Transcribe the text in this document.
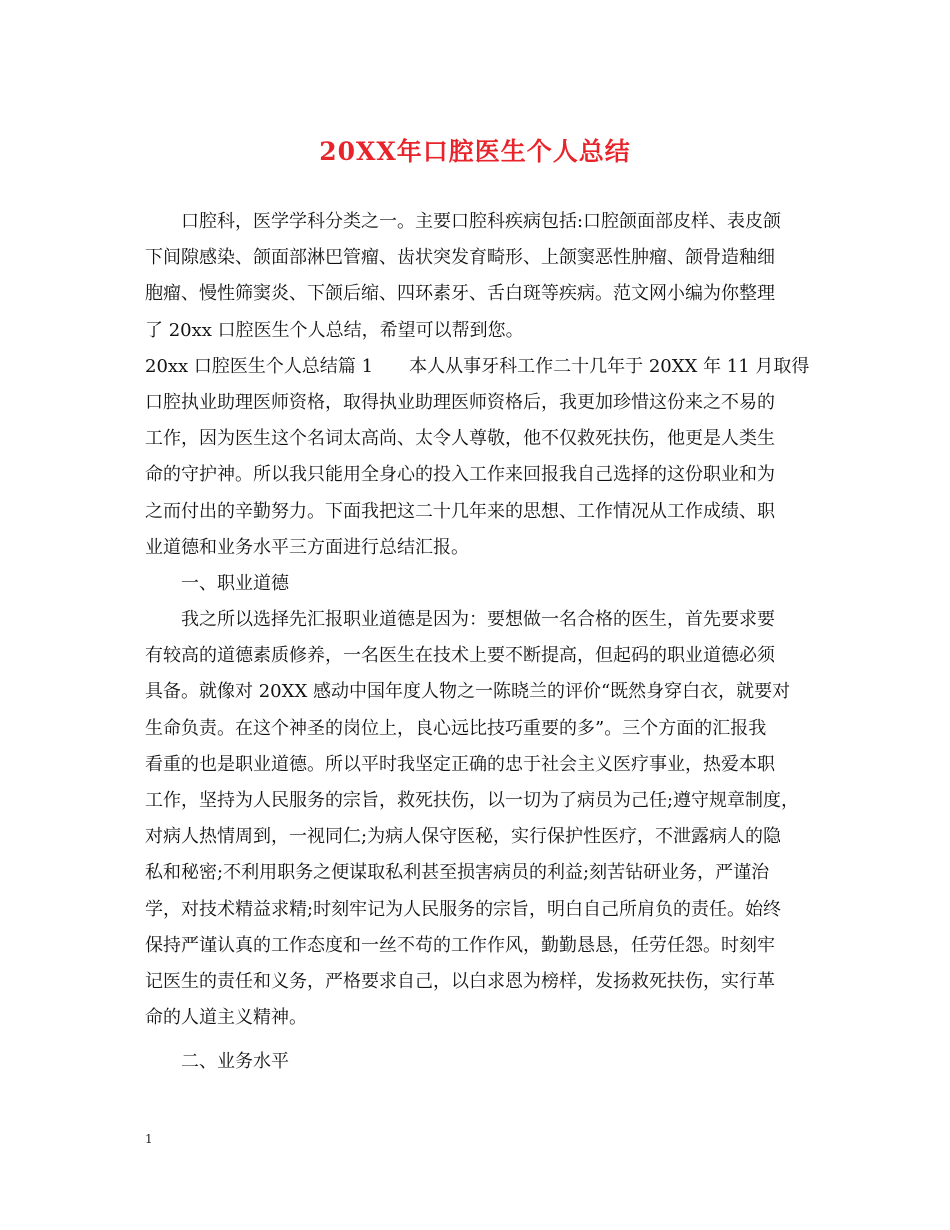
20XX年口腔医生个人总结
口腔科，医学学科分类之一。主要口腔科疾病包括:口腔颌面部皮样、表皮颌
下间隙感染、颌面部淋巴管瘤、齿状突发育畸形、上颌窦恶性肿瘤、颌骨造釉细
胞瘤、慢性筛窦炎、下颌后缩、四环素牙、舌白斑等疾病。范文网小编为你整理
了 20xx 口腔医生个人总结，希望可以帮到您。
20xx 口腔医生个人总结篇 1　　本人从事牙科工作二十几年于 20XX 年 11 月取得
口腔执业助理医师资格，取得执业助理医师资格后，我更加珍惜这份来之不易的
工作，因为医生这个名词太高尚、太令人尊敬，他不仅救死扶伤，他更是人类生
命的守护神。所以我只能用全身心的投入工作来回报我自己选择的这份职业和为
之而付出的辛勤努力。下面我把这二十几年来的思想、工作情况从工作成绩、职
业道德和业务水平三方面进行总结汇报。
一、职业道德
我之所以选择先汇报职业道德是因为：要想做一名合格的医生，首先要求要
有较高的道德素质修养，一名医生在技术上要不断提高，但起码的职业道德必须
具备。就像对 20XX 感动中国年度人物之一陈晓兰的评价“既然身穿白衣，就要对
生命负责。在这个神圣的岗位上，良心远比技巧重要的多”。三个方面的汇报我
看重的也是职业道德。所以平时我坚定正确的忠于社会主义医疗事业，热爱本职
工作，坚持为人民服务的宗旨，救死扶伤，以一切为了病员为己任;遵守规章制度，
对病人热情周到，一视同仁;为病人保守医秘，实行保护性医疗，不泄露病人的隐
私和秘密;不利用职务之便谋取私利甚至损害病员的利益;刻苦钻研业务，严谨治
学，对技术精益求精;时刻牢记为人民服务的宗旨，明白自己所肩负的责任。始终
保持严谨认真的工作态度和一丝不苟的工作作风，勤勤恳恳，任劳任怨。时刻牢
记医生的责任和义务，严格要求自己，以白求恩为榜样，发扬救死扶伤，实行革
命的人道主义精神。
二、业务水平
1
